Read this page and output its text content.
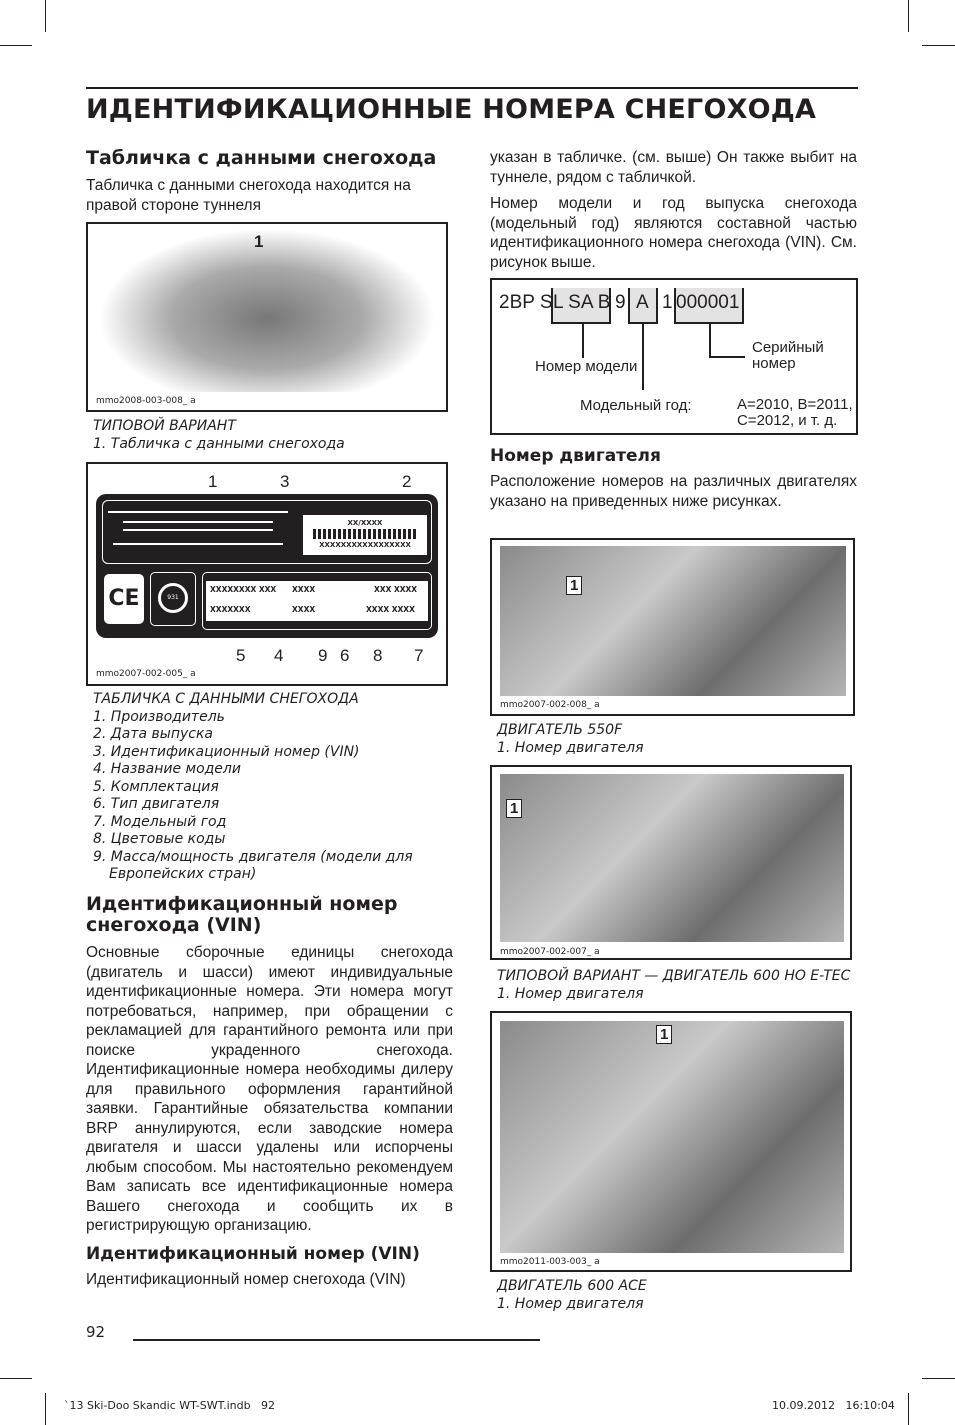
ИДЕНТИФИКАЦИОННЫЕ НОМЕРА СНЕГОХОДА
Табличка с данными снегохода

Табличка с данными снегохода находится на правой стороне туннеля

1
mmo2008-003-008_ a
ТИПОВОЙ ВАРИАНТ
1. Табличка с данными снегохода
1	3	2
XX/XXXX
XXXXXXXXXXXXXXXXX
CE	931
XXXXXXXX XXX XXXX	XXX XXXX
XXXXXXX	XXXX	XXXX XXXX
5 4 9 6 8 7
mmo2007-002-005_ a
ТАБЛИЧКА С ДАННЫМИ СНЕГОХОДА
1. Производитель
2. Дата выпуска
3. Идентификационный номер (VIN)
4. Название модели
5. Комплектация
6. Тип двигателя
7. Модельный год
8. Цветовые коды
9. Масса/мощность двигателя (модели для
Европейских стран)
Идентификационный номер снегохода (VIN)

Основные сборочные единицы снегохода (двигатель и шасси) имеют индивидуальные идентификационные номера. Эти номера могут потребоваться, например, при обращении с рекламацией для гарантийного ремонта или при поиске украденного снегохода. Идентификационные номера необходимы дилеру для правильного оформления гарантийной заявки. Гарантийные обязательства компании BRP аннулируются, если заводские номера двигателя и шасси удалены или испорчены любым способом. Мы настоятельно рекомендуем Вам записать все идентификационные номера Вашего снегохода и сообщить их в регистрирующую организацию.

Идентификационный номер (VIN)

Идентификационный номер снегохода (VIN)

указан в табличке. (см. выше) Он также выбит на туннеле, рядом с табличкой.

Номер модели и год выпуска снегохода (модельный год) являются составной частью идентификационного номера снегохода (VIN). См. рисунок выше.

2BP S L SA B 9 A 1 000001
Номер модели
Серийный
номер
Модельный год:	A=2010, B=2011,
C=2012, и т. д.
Номер двигателя

Расположение номеров на различных двигателях указано на приведенных ниже рисунках.

1
mmo2007-002-008_ a
ДВИГАТЕЛЬ 550F
1. Номер двигателя
1
mmo2007-002-007_ a
ТИПОВОЙ ВАРИАНТ — ДВИГАТЕЛЬ 600 HO E-TEC
1. Номер двигателя
1
mmo2011-003-003_ a
ДВИГАТЕЛЬ 600 ACE
1. Номер двигателя
92
`13 Ski-Doo Skandic WT-SWT.indb   92	10.09.2012   16:10:04
